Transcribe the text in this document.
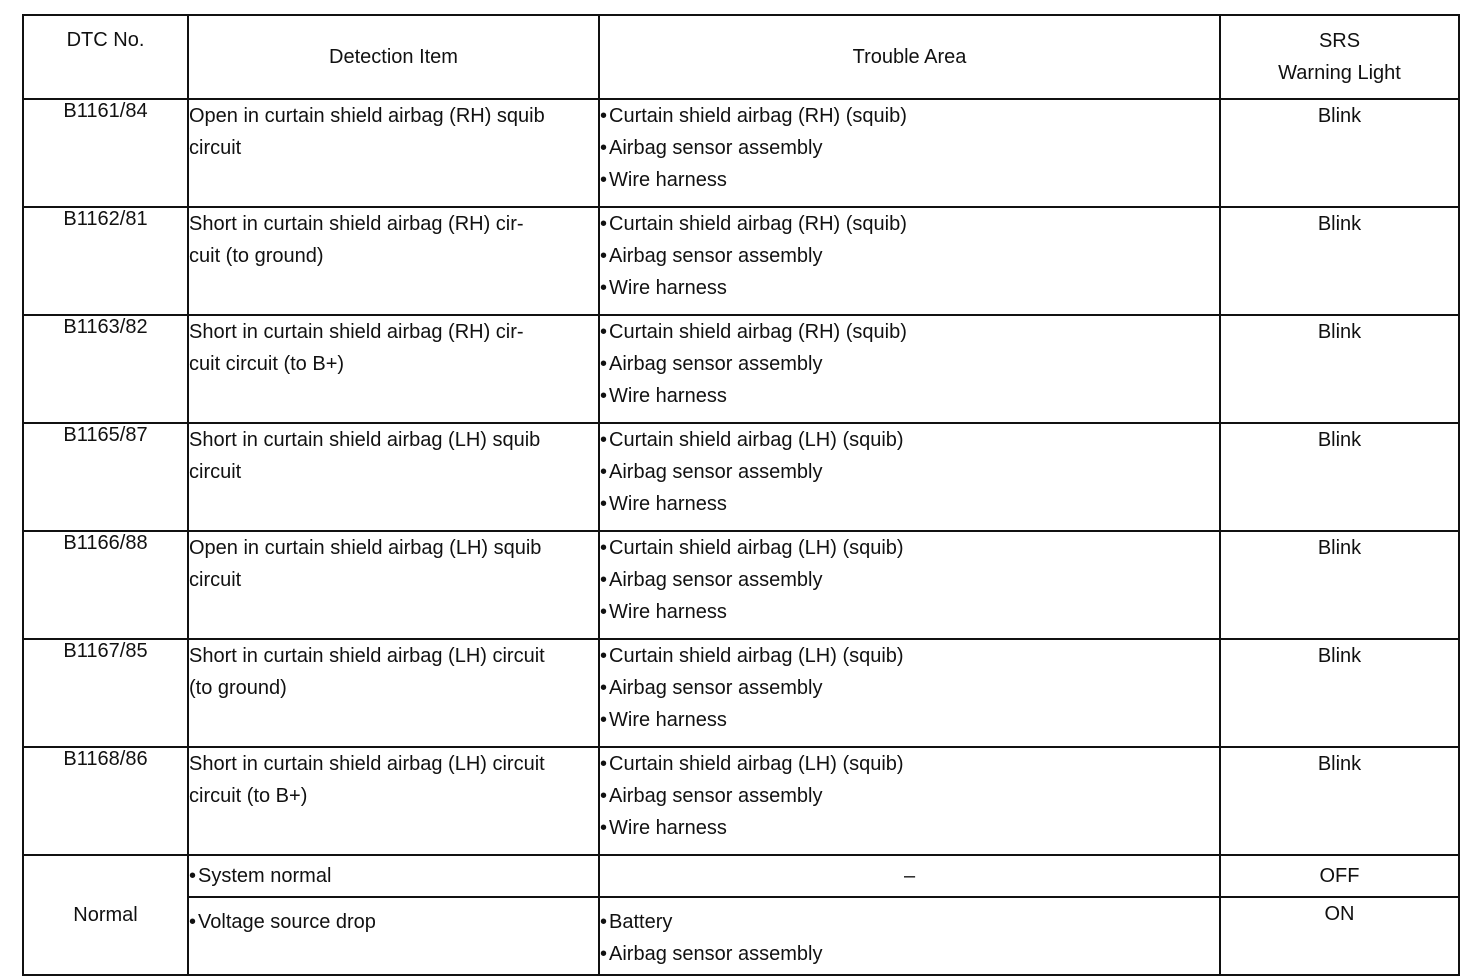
DTC No.	Detection Item	Trouble Area	SRS
Warning Light

B1161/84	Open in curtain shield airbag (RH) squib
circuit	• Curtain shield airbag (RH) (squib)
• Airbag sensor assembly
• Wire harness	Blink
B1162/81	Short in curtain shield airbag (RH) cir-
cuit (to ground)	• Curtain shield airbag (RH) (squib)
• Airbag sensor assembly
• Wire harness	Blink
B1163/82	Short in curtain shield airbag (RH) cir-
cuit circuit (to B+)	• Curtain shield airbag (RH) (squib)
• Airbag sensor assembly
• Wire harness	Blink
B1165/87	Short in curtain shield airbag (LH) squib
circuit	• Curtain shield airbag (LH) (squib)
• Airbag sensor assembly
• Wire harness	Blink
B1166/88	Open in curtain shield airbag (LH) squib
circuit	• Curtain shield airbag (LH) (squib)
• Airbag sensor assembly
• Wire harness	Blink
B1167/85	Short in curtain shield airbag (LH) circuit
(to ground)	• Curtain shield airbag (LH) (squib)
• Airbag sensor assembly
• Wire harness	Blink
B1168/86	Short in curtain shield airbag (LH) circuit
circuit (to B+)	• Curtain shield airbag (LH) (squib)
• Airbag sensor assembly
• Wire harness	Blink
Normal	• System normal	–	OFF

	• Voltage source drop	• Battery
• Airbag sensor assembly	ON
